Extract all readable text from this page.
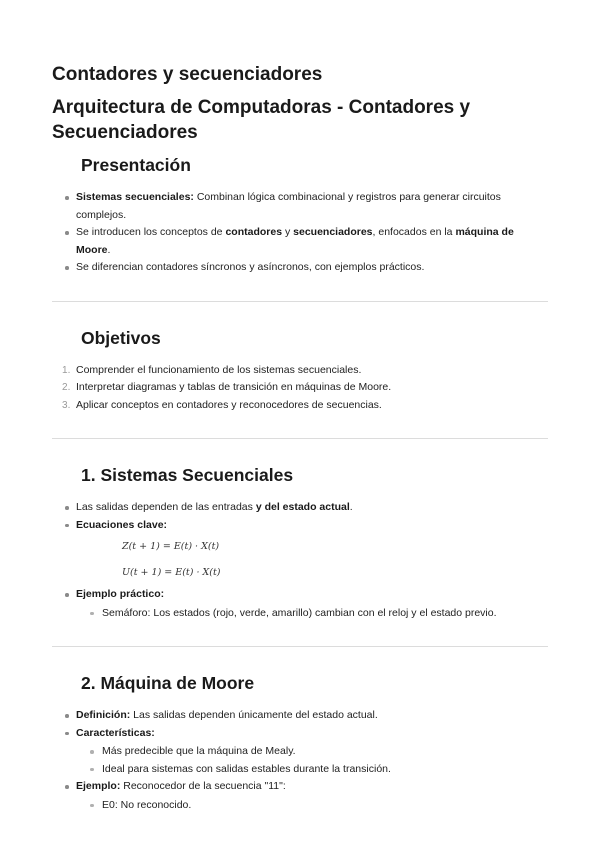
Contadores y secuenciadores
Arquitectura de Computadoras - Contadores y Secuenciadores
Presentación
Sistemas secuenciales: Combinan lógica combinacional y registros para generar circuitos complejos.
Se introducen los conceptos de contadores y secuenciadores, enfocados en la máquina de Moore.
Se diferencian contadores síncronos y asíncronos, con ejemplos prácticos.
Objetivos
Comprender el funcionamiento de los sistemas secuenciales.
Interpretar diagramas y tablas de transición en máquinas de Moore.
Aplicar conceptos en contadores y reconocedores de secuencias.
1. Sistemas Secuenciales
Las salidas dependen de las entradas y del estado actual.
Ecuaciones clave:
Z(t + 1) = E(t) · X(t)
U(t + 1) = E(t) · X(t)
Ejemplo práctico:
Semáforo: Los estados (rojo, verde, amarillo) cambian con el reloj y el estado previo.
2. Máquina de Moore
Definición: Las salidas dependen únicamente del estado actual.
Características:
Más predecible que la máquina de Mealy.
Ideal para sistemas con salidas estables durante la transición.
Ejemplo: Reconocedor de la secuencia "11":
E0: No reconocido.
